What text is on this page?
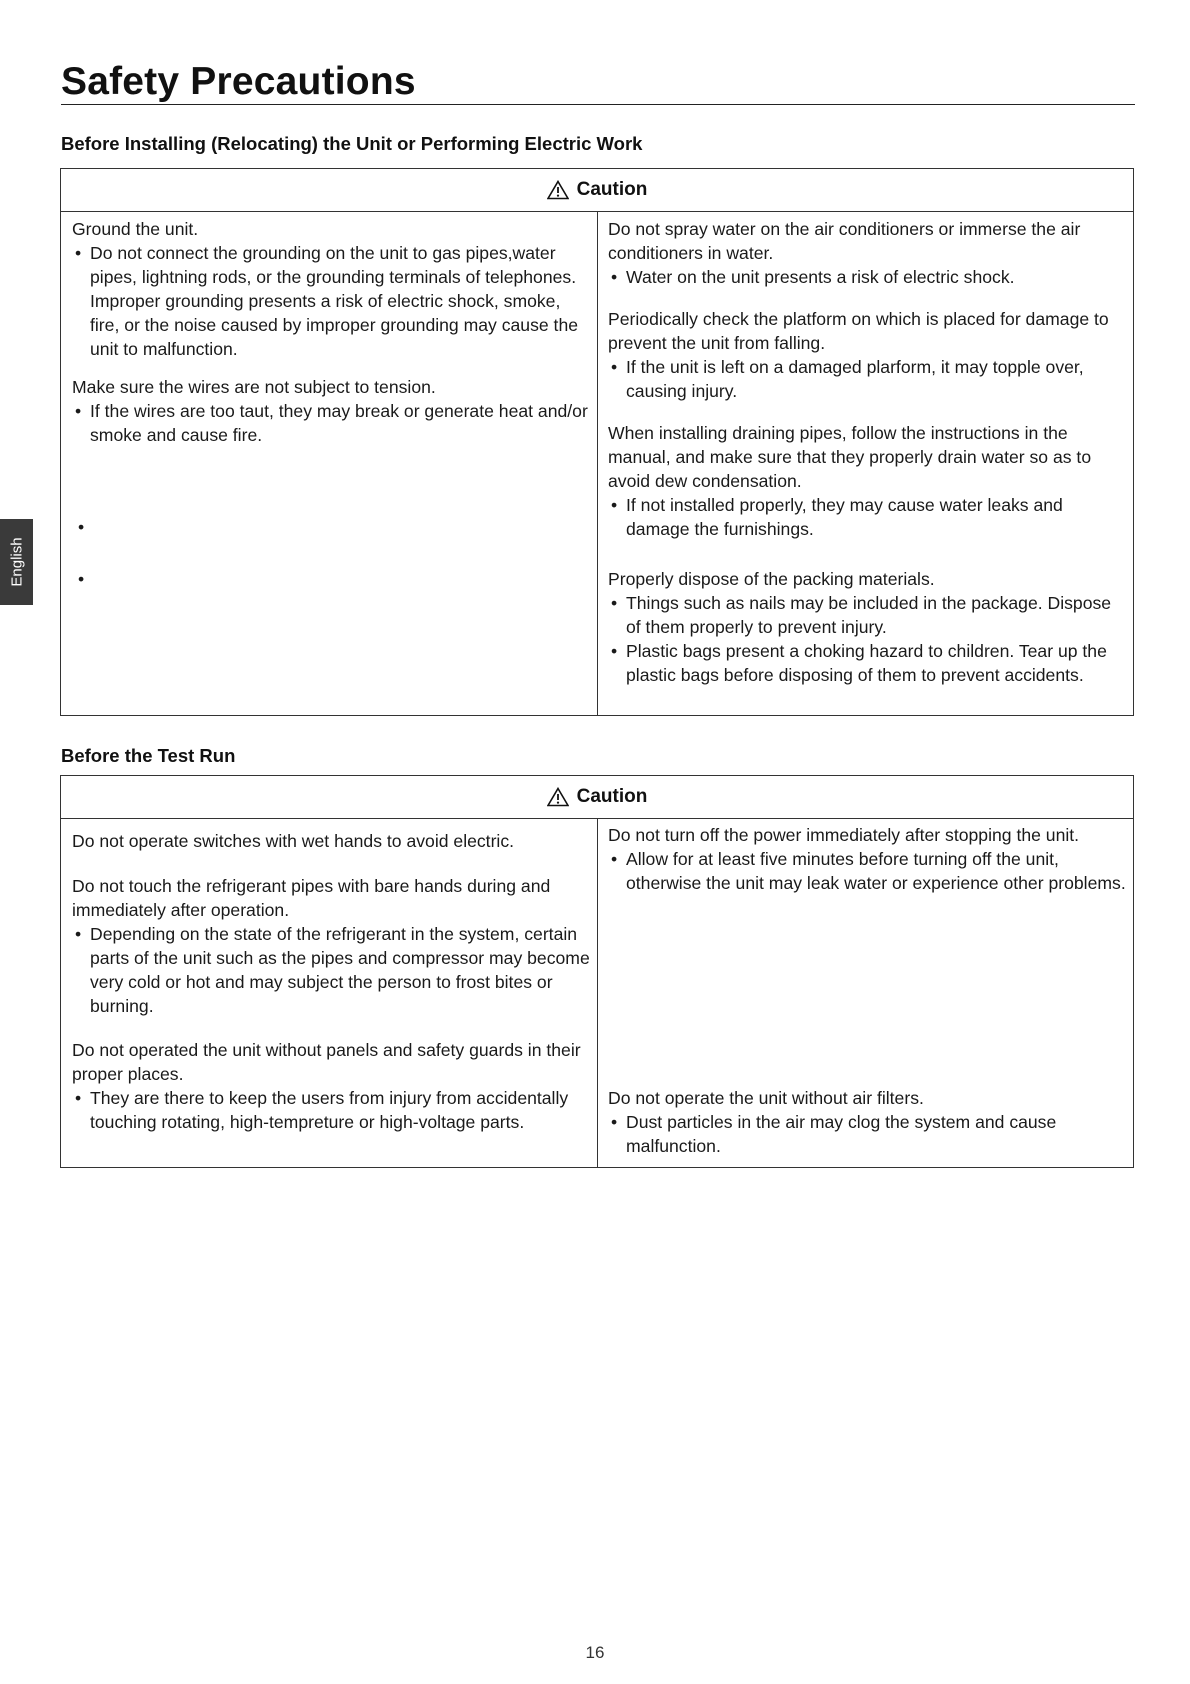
Safety Precautions
English
Before Installing (Relocating) the Unit or Performing Electric Work
Caution

Ground the unit.

• Do not connect the grounding on the unit to gas pipes,water pipes, lightning rods, or the grounding terminals of telephones. Improper grounding presents a risk of electric shock, smoke, fire, or the noise caused by improper grounding may cause the unit to malfunction.

Make sure the wires are not subject to tension.

• If the wires are too taut, they may break or generate heat and/or smoke and cause fire.
•
•

Do not spray water on the air conditioners or immerse the air conditioners in water.

• Water on the unit presents a risk of electric shock.

Periodically check the platform on which is placed for damage to prevent the unit from falling.

• If the unit is left on a damaged plarform, it may topple over, causing injury.

When installing draining pipes, follow the instructions in the manual, and make sure that they properly drain water so as to avoid dew condensation.

• If not installed properly, they may cause water leaks and damage the furnishings.

Properly dispose of the packing materials.

• Things such as nails may be included in the package. Dispose of them properly to prevent injury.
• Plastic bags present a choking hazard to children. Tear up the plastic bags before disposing of them to prevent accidents.
Before the Test Run
Caution

Do not operate switches with wet hands to avoid electric.

Do not touch the refrigerant pipes with bare hands during and immediately after operation.

• Depending on the state of the refrigerant in the system, certain parts of the unit such as the pipes and compressor may become very cold or hot and may subject the person to frost bites or burning.

Do not operated the unit without panels and safety guards in their proper places.

• They are there to keep the users from injury from accidentally touching rotating, high-tempreture or high-voltage parts.

Do not turn off the power immediately after stopping the unit.

• Allow for at least five minutes before turning off the unit, otherwise the unit may leak water or experience other problems.

Do not operate the unit without air filters.

• Dust particles in the air may clog the system and cause malfunction.
16
